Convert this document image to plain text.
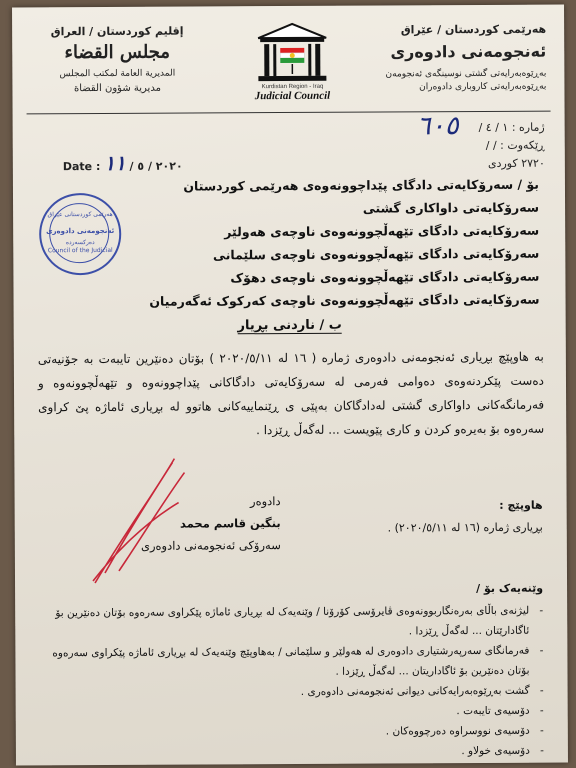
هەرێمی کوردستان / عێراق
ئەنجومەنی دادوەری
بەڕێوەبەرایەتی گشتی نوسینگەی ئەنجومەن
بەڕێوەبەرایەتی کاروباری دادوەران
Kurdistan Region - Iraq
Judicial Council
إقليم كوردستان / العراق
مجلس القضاء
المديرية العامة لمكتب المجلس
مديرية شؤون القضاة
ژمارە : ١ / ٤ /
٦٠٥
ڕێکەوت : / /
٢٧٢٠ کوردی
Date : ٢٠٢٠ / ٥ / ١١
هەرێمی کوردستانی عێراق
ئەنجومەنی دادوەری
دەرکسەردە
Council of the Judicial
بۆ / سەرۆکایەتی دادگای پێداچوونەوەی هەرێمی کوردستان
سەرۆکایەتی داواکاری گشتی
سەرۆکایەتی دادگای تێهەڵچوونەوەی ناوچەی هەولێر
سەرۆکایەتی دادگای تێهەڵچوونەوەی ناوچەی سلێمانی
سەرۆکایەتی دادگای تێهەڵچوونەوەی ناوچەی دهۆک
سەرۆکایەتی دادگای تێهەڵچوونەوەی ناوچەی کەرکوک ئەگەرمیان
ب / ناردنی بڕیار
بە هاوپێچ بڕیاری ئەنجومەنی دادوەری ژمارە ( ١٦ لە ٢٠٢٠/٥/١١ ) بۆتان دەنێرین تایبەت بە جۆنیەتی دەست پێکردنەوەی دەوامی فەرمی لە سەرۆکایەتی دادگاکانی پێداچوونەوە و تێهەڵچوونەوە و فەرمانگەکانی داواکاری گشتی لەدادگاکان بەپێی ی ڕێنماییەکانی هاتوو لە بڕیاری ئاماژە پێ کراوی سەرەوە بۆ بەیرەو کردن و کاری پێویست ... لەگەڵ ڕێزدا .
دادوەر
بنگین قاسم محمد
سەرۆکی ئەنجومەنی دادوەری
هاوپێچ :
بڕیاری ژمارە (١٦ لە ٢٠٢٠/٥/١١) .
وێنەیەک بۆ /
- لیژنەی باڵای بەرەنگاربوونەوەی ڤایرۆسی کۆرۆنا / وێنەیەک لە بڕیاری ئاماژە پێکراوی سەرەوە بۆتان دەنێرین بۆ ئاگادارێتان ... لەگەڵ ڕێزدا .
- فەرمانگای سەرپەرشتیاری دادوەری لە هەولێر و سلێمانی / بەهاوپێچ وێنەیەک لە بڕیاری ئاماژە پێکراوی سەرەوە بۆتان دەنێرین بۆ ئاگاداریتان ... لەگەڵ ڕێزدا .
- گشت بەڕێوەبەرایەکانی دیوانی ئەنجومەنی دادوەری .
- دۆسیەی تایبەت .
- دۆسیەی نووسراوە دەرچووەکان .
- دۆسیەی خولاو .
